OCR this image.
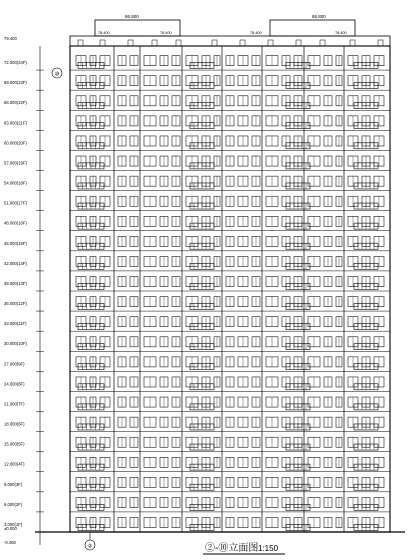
86.800	86.800
78.400	78.400	78.400	78.400
79.400
72.000(24F)
69.000(23F)
66.000(22F)
63.000(21F)
60.000(20F)
57.000(19F)
54.000(18F)
51.000(17F)
48.000(16F)
45.000(15F)
42.000(14F)
39.000(13F)
36.000(12F)
33.000(11F)
30.000(10F)
27.000(9F)
24.000(8F)
21.000(7F)
18.000(6F)
15.000(5F)
12.000(4F)
9.000(3F)
6.000(2F)
3.000(1F)
±0.000
-0.450
⑩
②	②-⑩立面图 1:150
